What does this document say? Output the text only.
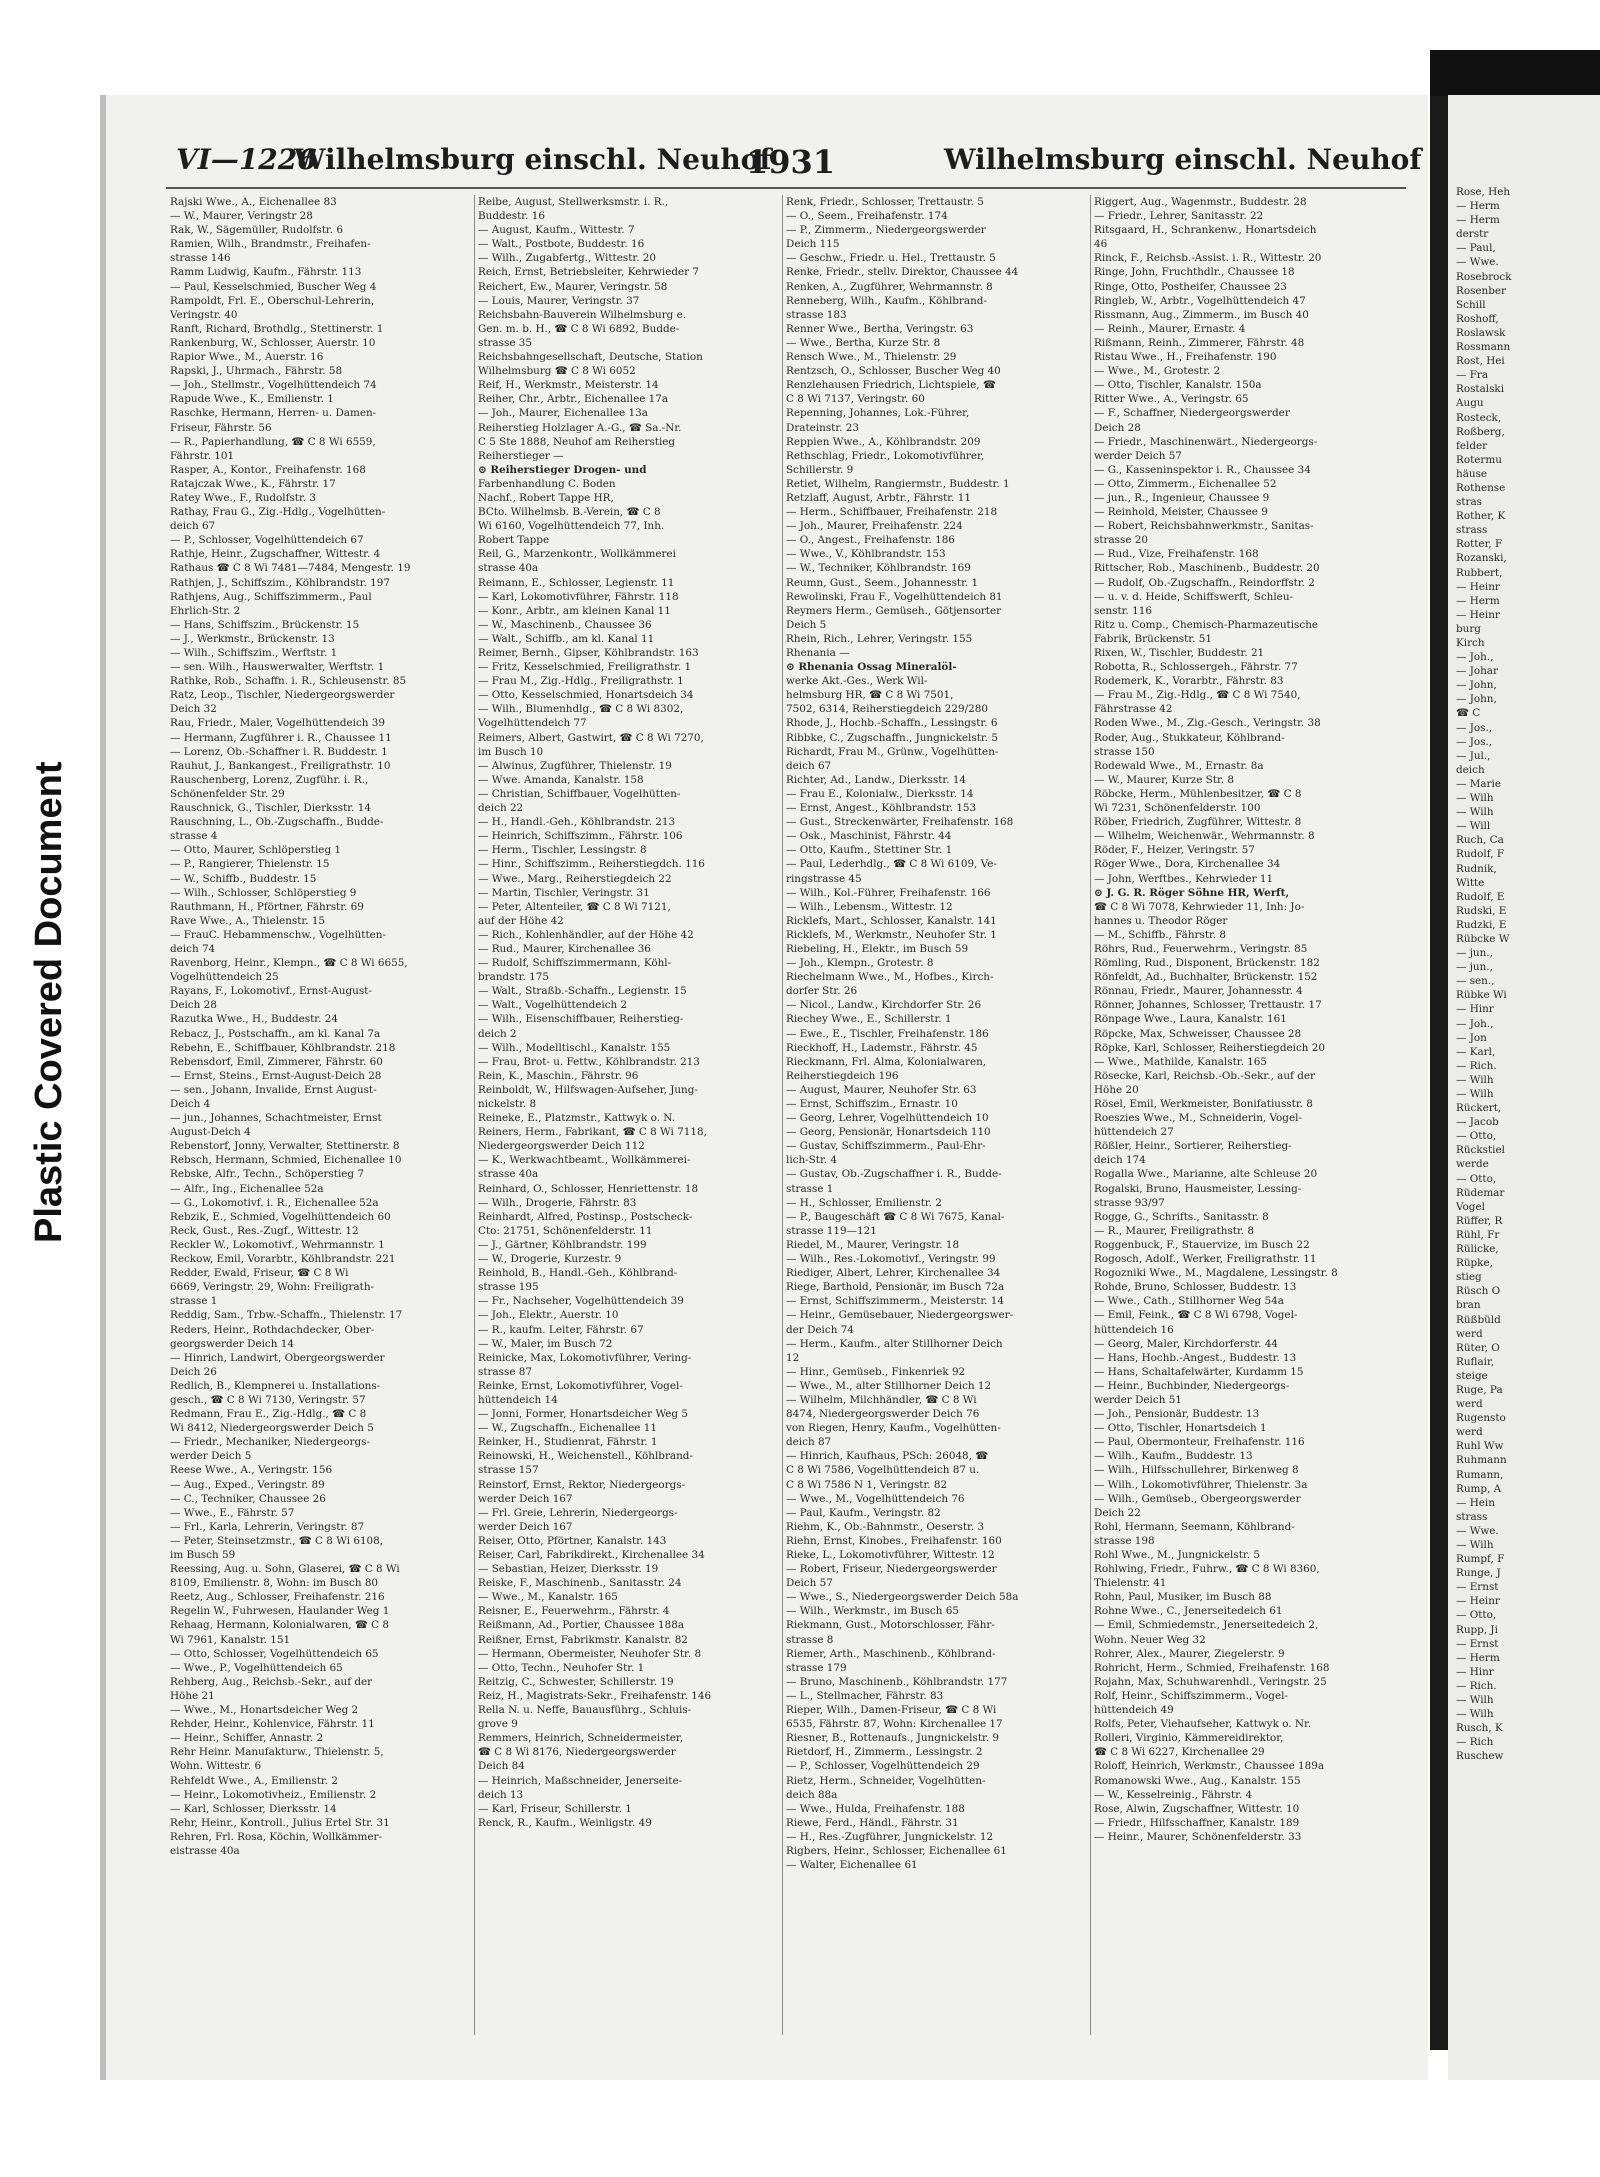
Plastic Covered Document
VI—1226
Wilhelmsburg einschl. Neuhof
1931	Wilhelmsburg einschl. Neuhof
Rajski Wwe., A., Eichenallee 83
— W., Maurer, Veringstr 28
Rak, W., Sägemüller, Rudolfstr. 6
Ramien, Wilh., Brandmstr., Freihafen-
strasse 146
Ramm Ludwig, Kaufm., Fährstr. 113
— Paul, Kesselschmied, Buscher Weg 4
Rampoldt, Frl. E., Oberschul-Lehrerin,
Veringstr. 40
Ranft, Richard, Brothdlg., Stettinerstr. 1
Rankenburg, W., Schlosser, Auerstr. 10
Rapior Wwe., M., Auerstr. 16
Rapski, J., Uhrmach., Fährstr. 58
— Joh., Stellmstr., Vogelhüttendeich 74
Rapude Wwe., K., Emilienstr. 1
Raschke, Hermann, Herren- u. Damen-
Friseur, Fährstr. 56
— R., Papierhandlung, ☎ C 8 Wi 6559,
Fährstr. 101
Rasper, A., Kontor., Freihafenstr. 168
Ratajczak Wwe., K., Fährstr. 17
Ratey Wwe., F., Rudolfstr. 3
Rathay, Frau G., Zig.-Hdlg., Vogelhütten-
deich 67
— P., Schlosser, Vogelhüttendeich 67
Rathje, Heinr., Zugschaffner, Wittestr. 4
Rathaus ☎ C 8 Wi 7481—7484, Mengestr. 19
Rathjen, J., Schiffszim., Köhlbrandstr. 197
Rathjens, Aug., Schiffszimmerm., Paul
Ehrlich-Str. 2
— Hans, Schiffszim., Brückenstr. 15
— J., Werkmstr., Brückenstr. 13
— Wilh., Schiffszim., Werftstr. 1
— sen. Wilh., Hauswerwalter, Werftstr. 1
Rathke, Rob., Schaffn. i. R., Schleusenstr. 85
Ratz, Leop., Tischler, Niedergeorgswerder
Deich 32
Rau, Friedr., Maler, Vogelhüttendeich 39
— Hermann, Zugführer i. R., Chaussee 11
— Lorenz, Ob.-Schaffner i. R. Buddestr. 1
Rauhut, J., Bankangest., Freiligrathstr. 10
Rauschenberg, Lorenz, Zugführ. i. R.,
Schönenfelder Str. 29
Rauschnick, G., Tischler, Dierksstr. 14
Rauschning, L., Ob.-Zugschaffn., Budde-
strasse 4
— Otto, Maurer, Schlöperstieg 1
— P., Rangierer, Thielenstr. 15
— W., Schiffb., Buddestr. 15
— Wilh., Schlosser, Schlöperstieg 9
Rauthmann, H., Pförtner, Fährstr. 69
Rave Wwe., A., Thielenstr. 15
— FrauC. Hebammenschw., Vogelhütten-
deich 74
Ravenborg, Heinr., Klempn., ☎ C 8 Wi 6655,
Vogelhüttendeich 25
Rayans, F., Lokomotivf., Ernst-August-
Deich 28
Razutka Wwe., H., Buddestr. 24
Rebacz, J., Postschaffn., am kl. Kanal 7a
Rebehn, E., Schiffbauer, Köhlbrandstr. 218
Rebensdorf, Emil, Zimmerer, Fährstr. 60
— Ernst, Steins., Ernst-August-Deich 28
— sen., Johann, Invalide, Ernst August-
Deich 4
— jun., Johannes, Schachtmeister, Ernst
August-Deich 4
Rebenstorf, Jonny, Verwalter, Stettinerstr. 8
Rebsch, Hermann, Schmied, Eichenallee 10
Rebske, Alfr., Techn., Schöperstieg 7
— Alfr., Ing., Eichenallee 52a
— G., Lokomotivf. i. R., Eichenallee 52a
Rebzik, E., Schmied, Vogelhüttendeich 60
Reck, Gust., Res.-Zugf., Wittestr. 12
Reckler W., Lokomotivf., Wehrmannstr. 1
Reckow, Emil, Vorarbtr., Köhlbrandstr. 221
Redder, Ewald, Friseur, ☎ C 8 Wi
6669, Veringstr. 29, Wohn: Freiligrath-
strasse 1
Reddig, Sam., Trbw.-Schaffn., Thielenstr. 17
Reders, Heinr., Rothdachdecker, Ober-
georgswerder Deich 14
— Hinrich, Landwirt, Obergeorgswerder
Deich 26
Redlich, B., Klempnerei u. Installations-
gesch., ☎ C 8 Wi 7130, Veringstr. 57
Redmann, Frau E., Zig.-Hdlg., ☎ C 8
Wi 8412, Niedergeorgswerder Deich 5
— Friedr., Mechaniker, Niedergeorgs-
werder Deich 5
Reese Wwe., A., Veringstr. 156
— Aug., Exped., Veringstr. 89
— C., Techniker, Chaussee 26
— Wwe., E., Fährstr. 57
— Frl., Karla, Lehrerin, Veringstr. 87
— Peter, Steinsetzmstr., ☎ C 8 Wi 6108,
im Busch 59
Reessing, Aug. u. Sohn, Glaserei, ☎ C 8 Wi
8109, Emilienstr. 8, Wohn: im Busch 80
Reetz, Aug., Schlosser, Freihafenstr. 216
Regelin W., Fuhrwesen, Haulander Weg 1
Rehaag, Hermann, Kolonialwaren, ☎ C 8
Wi 7961, Kanalstr. 151
— Otto, Schlosser, Vogelhüttendeich 65
— Wwe., P., Vogelhüttendeich 65
Rehberg, Aug., Reichsb.-Sekr., auf der
Höhe 21
— Wwe., M., Honartsdeicher Weg 2
Rehder, Heinr., Kohlenvice, Fährstr. 11
— Heinr., Schiffer, Annastr. 2
Rehr Heinr. Manufakturw., Thielenstr. 5,
Wohn. Wittestr. 6
Rehfeldt Wwe., A., Emilienstr. 2
— Heinr., Lokomotivheiz., Emilienstr. 2
— Karl, Schlosser, Dierksstr. 14
Rehr, Heinr., Kontroll., Julius Ertel Str. 31
Rehren, Frl. Rosa, Köchin, Wollkämmer-
eistrasse 40a
Reibe, August, Stellwerksmstr. i. R.,
Buddestr. 16
— August, Kaufm., Wittestr. 7
— Walt., Postbote, Buddestr. 16
— Wilh., Zugabfertg., Wittestr. 20
Reich, Ernst, Betriebsleiter, Kehrwieder 7
Reichert, Ew., Maurer, Veringstr. 58
— Louis, Maurer, Veringstr. 37
Reichsbahn-Bauverein Wilhelmsburg e.
Gen. m. b. H., ☎ C 8 Wi 6892, Budde-
strasse 35
Reichsbahngesellschaft, Deutsche, Station
Wilhelmsburg ☎ C 8 Wi 6052
Reif, H., Werkmstr., Meisterstr. 14
Reiher, Chr., Arbtr., Eichenallee 17a
— Joh., Maurer, Eichenallee 13a
Reiherstieg Holzlager A.-G., ☎ Sa.-Nr.
C 5 Ste 1888, Neuhof am Reiherstieg
Reiherstieger —
⊙ Reiherstieger Drogen- und
Farbenhandlung C. Boden
Nachf., Robert Tappe HR,
BCto. Wilhelmsb. B.-Verein, ☎ C 8
Wi 6160, Vogelhüttendeich 77, Inh.
Robert Tappe
Reil, G., Marzenkontr., Wollkämmerei
strasse 40a
Reimann, E., Schlosser, Legienstr. 11
— Karl, Lokomotivführer, Fährstr. 118
— Konr., Arbtr., am kleinen Kanal 11
— W., Maschinenb., Chaussee 36
— Walt., Schiffb., am kl. Kanal 11
Reimer, Bernh., Gipser, Köhlbrandstr. 163
— Fritz, Kesselschmied, Freiligrathstr. 1
— Frau M., Zig.-Hdlg., Freiligrathstr. 1
— Otto, Kesselschmied, Honartsdeich 34
— Wilh., Blumenhdlg., ☎ C 8 Wi 8302,
Vogelhüttendeich 77
Reimers, Albert, Gastwirt, ☎ C 8 Wi 7270,
im Busch 10
— Alwinus, Zugführer, Thielenstr. 19
— Wwe. Amanda, Kanalstr. 158
— Christian, Schiffbauer, Vogelhütten-
deich 22
— H., Handl.-Geh., Köhlbrandstr. 213
— Heinrich, Schiffszimm., Fährstr. 106
— Herm., Tischler, Lessingstr. 8
— Hinr., Schiffszimm., Reiherstiegdch. 116
— Wwe., Marg., Reiherstiegdeich 22
— Martin, Tischler, Veringstr. 31
— Peter, Altenteiler, ☎ C 8 Wi 7121,
auf der Höhe 42
— Rich., Kohlenhändler, auf der Höhe 42
— Rud., Maurer, Kirchenallee 36
— Rudolf, Schiffszimmermann, Köhl-
brandstr. 175
— Walt., Straßb.-Schaffn., Legienstr. 15
— Walt., Vogelhüttendeich 2
— Wilh., Eisenschiffbauer, Reiherstieg-
deich 2
— Wilh., Modelltischl., Kanalstr. 155
— Frau, Brot- u. Fettw., Köhlbrandstr. 213
Rein, K., Maschin., Fährstr. 96
Reinboldt, W., Hilfswagen-Aufseher, Jung-
nickelstr. 8
Reineke, E., Platzmstr., Kattwyk o. N.
Reiners, Herm., Fabrikant, ☎ C 8 Wi 7118,
Niedergeorgswerder Deich 112
— K., Werkwachtbeamt., Wollkämmerei-
strasse 40a
Reinhard, O., Schlosser, Henriettenstr. 18
— Wilh., Drogerie, Fährstr. 83
Reinhardt, Alfred, Postinsp., Postscheck-
Cto: 21751, Schönenfelderstr. 11
— J., Gärtner, Köhlbrandstr. 199
— W., Drogerie, Kurzestr. 9
Reinhold, B., Handl.-Geh., Köhlbrand-
strasse 195
— Fr., Nachseher, Vogelhüttendeich 39
— Joh., Elektr., Auerstr. 10
— R., kaufm. Leiter, Fährstr. 67
— W., Maler, im Busch 72
Reinicke, Max, Lokomotivführer, Vering-
strasse 87
Reinke, Ernst, Lokomotivführer, Vogel-
hüttendeich 14
— Jonni, Former, Honartsdeicher Weg 5
— W., Zugschaffn., Eichenallee 11
Reinker, H., Studienrat, Fährstr. 1
Reinowski, H., Weichenstell., Köhlbrand-
strasse 157
Reinstorf, Ernst, Rektor, Niedergeorgs-
werder Deich 167
— Frl. Greie, Lehrerin, Niedergeorgs-
werder Deich 167
Reiser, Otto, Pförtner, Kanalstr. 143
Reiser, Carl, Fabrikdirekt., Kirchenallee 34
— Sebastian, Heizer, Dierksstr. 19
Reiske, F., Maschinenb., Sanitasstr. 24
— Wwe., M., Kanalstr. 165
Reisner, E., Feuerwehrm., Fährstr. 4
Reißmann, Ad., Portier, Chaussee 188a
Reißner, Ernst, Fabrikmstr. Kanalstr. 82
— Hermann, Obermeister, Neuhofer Str. 8
— Otto, Techn., Neuhofer Str. 1
Reitzig, C., Schwester, Schillerstr. 19
Reiz, H., Magistrats-Sekr., Freihafenstr. 146
Rella N. u. Neffe, Bauausführg., Schluis-
grove 9
Remmers, Heinrich, Schneidermeister,
☎ C 8 Wi 8176, Niedergeorgswerder
Deich 84
— Heinrich, Maßschneider, Jenerseite-
deich 13
— Karl, Friseur, Schillerstr. 1
Renck, R., Kaufm., Weinligstr. 49
Renk, Friedr., Schlosser, Trettaustr. 5
— O., Seem., Freihafenstr. 174
— P., Zimmerm., Niedergeorgswerder
Deich 115
— Geschw., Friedr. u. Hel., Trettaustr. 5
Renke, Friedr., stellv. Direktor, Chaussee 44
Renken, A., Zugführer, Wehrmannstr. 8
Renneberg, Wilh., Kaufm., Köhlbrand-
strasse 183
Renner Wwe., Bertha, Veringstr. 63
— Wwe., Bertha, Kurze Str. 8
Rensch Wwe., M., Thielenstr. 29
Rentzsch, O., Schlosser, Buscher Weg 40
Renzlehausen Friedrich, Lichtspiele, ☎
C 8 Wi 7137, Veringstr. 60
Repenning, Johannes, Lok.-Führer,
Drateinstr. 23
Reppien Wwe., A., Köhlbrandstr. 209
Rethschlag, Friedr., Lokomotivführer,
Schillerstr. 9
Retiet, Wilhelm, Rangiermstr., Buddestr. 1
Retzlaff, August, Arbtr., Fährstr. 11
— Herm., Schiffbauer, Freihafenstr. 218
— Joh., Maurer, Freihafenstr. 224
— O., Angest., Freihafenstr. 186
— Wwe., V., Köhlbrandstr. 153
— W., Techniker, Köhlbrandstr. 169
Reumn, Gust., Seem., Johannesstr. 1
Rewolinski, Frau F., Vogelhüttendeich 81
Reymers Herm., Gemüseh., Götjensorter
Deich 5
Rhein, Rich., Lehrer, Veringstr. 155
Rhenania —
⊙ Rhenania Ossag Mineralöl-
werke Akt.-Ges., Werk Wil-
helmsburg HR, ☎ C 8 Wi 7501,
7502, 6314, Reiherstiegdeich 229/280
Rhode, J., Hochb.-Schaffn., Lessingstr. 6
Ribbke, C., Zugschaffn., Jungnickelstr. 5
Richardt, Frau M., Grünw., Vogelhütten-
deich 67
Richter, Ad., Landw., Dierksstr. 14
— Frau E., Kolonialw., Dierksstr. 14
— Ernst, Angest., Köhlbrandstr. 153
— Gust., Streckenwärter, Freihafenstr. 168
— Osk., Maschinist, Fährstr. 44
— Otto, Kaufm., Stettiner Str. 1
— Paul, Lederhdlg., ☎ C 8 Wi 6109, Ve-
ringstrasse 45
— Wilh., Kol.-Führer, Freihafenstr. 166
— Wilh., Lebensm., Wittestr. 12
Ricklefs, Mart., Schlosser, Kanalstr. 141
Ricklefs, M., Werkmstr., Neuhofer Str. 1
Riebeling, H., Elektr., im Busch 59
— Joh., Klempn., Grotestr. 8
Riechelmann Wwe., M., Hofbes., Kirch-
dorfer Str. 26
— Nicol., Landw., Kirchdorfer Str. 26
Riechey Wwe., E., Schillerstr. 1
— Ewe., E., Tischler, Freihafenstr. 186
Rieckhoff, H., Lademstr., Fährstr. 45
Rieckmann, Frl. Alma, Kolonialwaren,
Reiherstiegdeich 196
— August, Maurer, Neuhofer Str. 63
— Ernst, Schiffszim., Ernastr. 10
— Georg, Lehrer, Vogelhüttendeich 10
— Georg, Pensionär, Honartsdeich 110
— Gustav, Schiffszimmerm., Paul-Ehr-
lich-Str. 4
— Gustav, Ob.-Zugschaffner i. R., Budde-
strasse 1
— H., Schlosser, Emilienstr. 2
— P., Baugeschäft ☎ C 8 Wi 7675, Kanal-
strasse 119—121
Riedel, M., Maurer, Veringstr. 18
— Wilh., Res.-Lokomotivf., Veringstr. 99
Riediger, Albert, Lehrer, Kirchenallee 34
Riege, Barthold, Pensionär, im Busch 72a
— Ernst, Schiffszimmerm., Meisterstr. 14
— Heinr., Gemüsebauer, Niedergeorgswer-
der Deich 74
— Herm., Kaufm., alter Stillhorner Deich
12
— Hinr., Gemüseb., Finkenriek 92
— Wwe., M., alter Stillhorner Deich 12
— Wilhelm, Milchhändler, ☎ C 8 Wi
8474, Niedergeorgswerder Deich 76
von Riegen, Henry, Kaufm., Vogelhütten-
deich 87
— Hinrich, Kaufhaus, PSch: 26048, ☎
C 8 Wi 7586, Vogelhüttendeich 87 u.
C 8 Wi 7586 N 1, Veringstr. 82
— Wwe., M., Vogelhüttendeich 76
— Paul, Kaufm., Veringstr. 82
Riehm, K., Ob.-Bahnmstr., Oeserstr. 3
Riehn, Ernst, Kinobes., Freihafenstr. 160
Rieke, L., Lokomotivführer, Wittestr. 12
— Robert, Friseur, Niedergeorgswerder
Deich 57
— Wwe., S., Niedergeorgswerder Deich 58a
— Wilh., Werkmstr., im Busch 65
Riekmann, Gust., Motorschlosser, Fähr-
strasse 8
Riemer, Arth., Maschinenb., Köhlbrand-
strasse 179
— Bruno, Maschinenb., Köhlbrandstr. 177
— L., Stellmacher, Fährstr. 83
Rieper, Wilh., Damen-Friseur, ☎ C 8 Wi
6535, Fährstr. 87, Wohn: Kirchenallee 17
Riesner, B., Rottenaufs., Jungnickelstr. 9
Rietdorf, H., Zimmerm., Lessingstr. 2
— P., Schlosser, Vogelhüttendeich 29
Rietz, Herm., Schneider, Vogelhütten-
deich 88a
— Wwe., Hulda, Freihafenstr. 188
Riewe, Ferd., Händl., Fährstr. 31
— H., Res.-Zugführer, Jungnickelstr. 12
Rigbers, Heinr., Schlosser, Eichenallee 61
— Walter, Eichenallee 61
Riggert, Aug., Wagenmstr., Buddestr. 28
— Friedr., Lehrer, Sanitasstr. 22
Ritsgaard, H., Schrankenw., Honartsdeich
46
Rinck, F., Reichsb.-Assist. i. R., Wittestr. 20
Ringe, John, Fruchthdlr., Chaussee 18
Ringe, Otto, Postheifer, Chaussee 23
Ringleb, W., Arbtr., Vogelhüttendeich 47
Rissmann, Aug., Zimmerm., im Busch 40
— Reinh., Maurer, Ernastr. 4
Rißmann, Reinh., Zimmerer, Fährstr. 48
Ristau Wwe., H., Freihafenstr. 190
— Wwe., M., Grotestr. 2
— Otto, Tischler, Kanalstr. 150a
Ritter Wwe., A., Veringstr. 65
— F., Schaffner, Niedergeorgswerder
Deich 28
— Friedr., Maschinenwärt., Niedergeorgs-
werder Deich 57
— G., Kasseninspektor i. R., Chaussee 34
— Otto, Zimmerm., Eichenallee 52
— jun., R., Ingenieur, Chaussee 9
— Reinhold, Meister, Chaussee 9
— Robert, Reichsbahnwerkmstr., Sanitas-
strasse 20
— Rud., Vize, Freihafenstr. 168
Rittscher, Rob., Maschinenb., Buddestr. 20
— Rudolf, Ob.-Zugschaffn., Reindorffstr. 2
— u. v. d. Heide, Schiffswerft, Schleu-
senstr. 116
Ritz u. Comp., Chemisch-Pharmazeutische
Fabrik, Brückenstr. 51
Rixen, W., Tischler, Buddestr. 21
Robotta, R., Schlossergeh., Fährstr. 77
Rodemerk, K., Vorarbtr., Fährstr. 83
— Frau M., Zig.-Hdlg., ☎ C 8 Wi 7540,
Fährstrasse 42
Roden Wwe., M., Zig.-Gesch., Veringstr. 38
Roder, Aug., Stukkateur, Köhlbrand-
strasse 150
Rodewald Wwe., M., Ernastr. 8a
— W., Maurer, Kurze Str. 8
Röbcke, Herm., Mühlenbesitzer, ☎ C 8
Wi 7231, Schönenfelderstr. 100
Röber, Friedrich, Zugführer, Wittestr. 8
— Wilhelm, Weichenwär., Wehrmannstr. 8
Röder, F., Heizer, Veringstr. 57
Röger Wwe., Dora, Kirchenallee 34
— John, Werftbes., Kehrwieder 11
⊙ J. G. R. Röger Söhne HR, Werft,
☎ C 8 Wi 7078, Kehrwieder 11, Inh: Jo-
hannes u. Theodor Röger
— M., Schiffb., Fährstr. 8
Röhrs, Rud., Feuerwehrm., Veringstr. 85
Römling, Rud., Disponent, Brückenstr. 182
Rönfeldt, Ad., Buchhalter, Brückenstr. 152
Rönnau, Friedr., Maurer, Johannesstr. 4
Rönner, Johannes, Schlosser, Trettaustr. 17
Rönpage Wwe., Laura, Kanalstr. 161
Röpcke, Max, Schweisser, Chaussee 28
Röpke, Karl, Schlosser, Reiherstiegdeich 20
— Wwe., Mathilde, Kanalstr. 165
Rösecke, Karl, Reichsb.-Ob.-Sekr., auf der
Höhe 20
Rösel, Emil, Werkmeister, Bonifatiusstr. 8
Roeszies Wwe., M., Schneiderin, Vogel-
hüttendeich 27
Rößler, Heinr., Sortierer, Reiherstieg-
deich 174
Rogalla Wwe., Marianne, alte Schleuse 20
Rogalski, Bruno, Hausmeister, Lessing-
strasse 93/97
Rogge, G., Schrifts., Sanitasstr. 8
— R., Maurer, Freiligrathstr. 8
Roggenbuck, F., Stauervize, im Busch 22
Rogosch, Adolf., Werker, Freiligrathstr. 11
Rogozniki Wwe., M., Magdalene, Lessingstr. 8
Rohde, Bruno, Schlosser, Buddestr. 13
— Wwe., Cath., Stillhorner Weg 54a
— Emil, Feink., ☎ C 8 Wi 6798, Vogel-
hüttendeich 16
— Georg, Maler, Kirchdorferstr. 44
— Hans, Hochb.-Angest., Buddestr. 13
— Hans, Schaltafelwärter, Kurdamm 15
— Heinr., Buchbinder, Niedergeorgs-
werder Deich 51
— Joh., Pensionär, Buddestr. 13
— Otto, Tischler, Honartsdeich 1
— Paul, Obermonteur, Freihafenstr. 116
— Wilh., Kaufm., Buddestr. 13
— Wilh., Hilfsschullehrer, Birkenweg 8
— Wilh., Lokomotivführer, Thielenstr. 3a
— Wilh., Gemüseb., Obergeorgswerder
Deich 22
Rohl, Hermann, Seemann, Köhlbrand-
strasse 198
Rohl Wwe., M., Jungnickelstr. 5
Rohlwing, Friedr., Fuhrw., ☎ C 8 Wi 8360,
Thielenstr. 41
Rohn, Paul, Musiker, im Busch 88
Rohne Wwe., C., Jenerseitedeich 61
— Emil, Schmiedemstr., Jenerseitedeich 2,
Wohn. Neuer Weg 32
Rohrer, Alex., Maurer, Ziegelerstr. 9
Rohricht, Herm., Schmied, Freihafenstr. 168
Rojahn, Max, Schuhwarenhdl., Veringstr. 25
Rolf, Heinr., Schiffszimmerm., Vogel-
hüttendeich 49
Rolfs, Peter, Viehaufseher, Kattwyk o. Nr.
Rolleri, Virginio, Kämmereidirektor,
☎ C 8 Wi 6227, Kirchenallee 29
Roloff, Heinrich, Werkmstr., Chaussee 189a
Romanowski Wwe., Aug., Kanalstr. 155
— W., Kesselreinig., Fährstr. 4
Rose, Alwin, Zugschaffner, Wittestr. 10
— Friedr., Hilfsschaffner, Kanalstr. 189
— Heinr., Maurer, Schönenfelderstr. 33
Rose, Heh
— Herm
— Herm
derstr
— Paul,
— Wwe.
Rosebrock
Rosenber
Schill
Roshoff,
Roslawsk
Rossmann
Rost, Hei
— Fra
Rostalski
Augu
Rosteck,
Roßberg,
felder
Rotermu
häuse
Rothense
stras
Rother, K
strass
Rotter, F
Rozanski,
Rubbert,
— Heinr
— Herm
— Heinr
burg
Kirch
— Joh.,
— Johar
— John,
— John,
☎ C
— Jos.,
— Jos.,
— Jul.,
deich
— Marie
— Wilh
— Wilh
— Will
Ruch, Ca
Rudolf, F
Rudnik,
Witte
Rudolf, E
Rudski, E
Rudzki, E
Rübcke W
— jun.,
— jun.,
— sen.,
Rübke Wi
— Hinr
— Joh.,
— Jon
— Karl,
— Rich.
— Wilh
— Wilh
Rückert,
— Jacob
— Otto,
Rückstiel
werde
— Otto,
Rüdemar
Vogel
Rüffer, R
Rühl, Fr
Rülicke,
Rüpke,
stieg
Rüsch O
bran
Rüßbüld
werd
Rüter, O
Ruflair,
steige
Ruge, Pa
werd
Rugensto
werd
Ruhl Ww
Ruhmann
Rumann,
Rump, A
— Hein
strass
— Wwe.
— Wilh
Rumpf, F
Runge, J
— Ernst
— Heinr
— Otto,
Rupp, Ji
— Ernst
— Herm
— Hinr
— Rich.
— Wilh
— Wilh
Rusch, K
— Rich
Ruschew
